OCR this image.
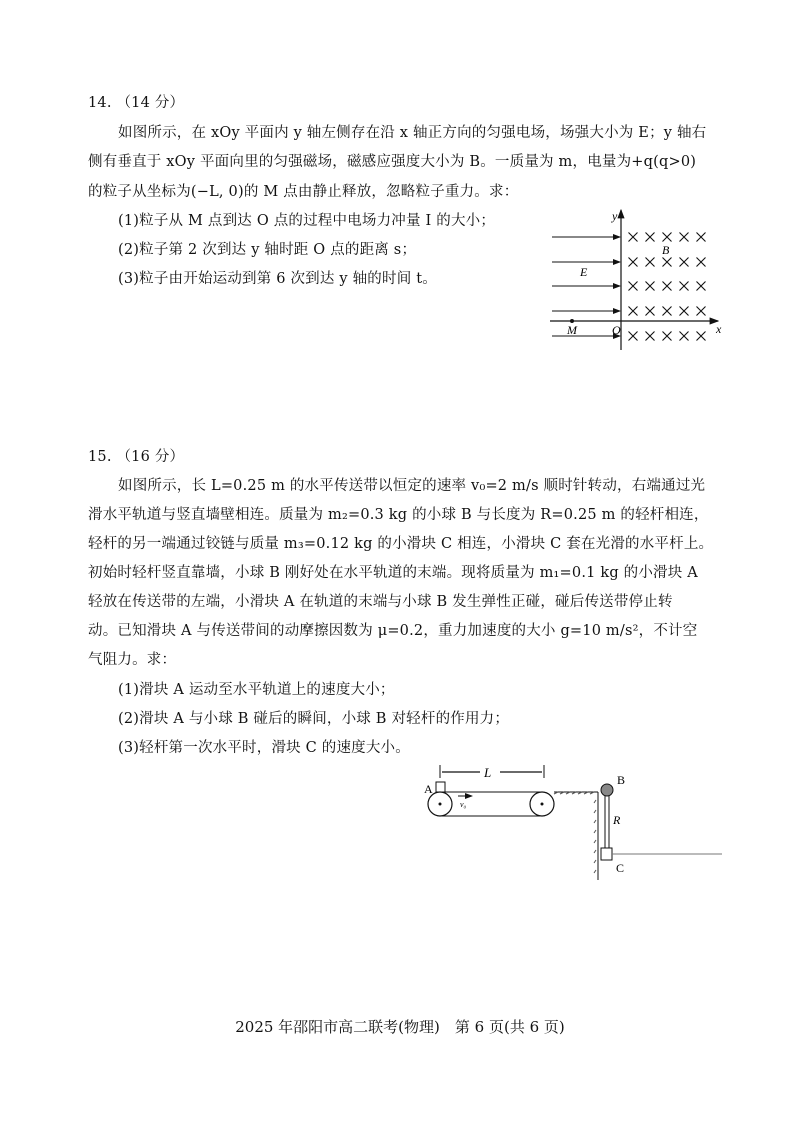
14. （14 分）
如图所示，在 xOy 平面内 y 轴左侧存在沿 x 轴正方向的匀强电场，场强大小为 E；y 轴右
侧有垂直于 xOy 平面向里的匀强磁场，磁感应强度大小为 B。一质量为 m，电量为+q(q>0)
的粒子从坐标为(−L, 0)的 M 点由静止释放，忽略粒子重力。求：
(1)粒子从 M 点到达 O 点的过程中电场力冲量 I 的大小；
(2)粒子第 2 次到达 y 轴时距 O 点的距离 s；
(3)粒子由开始运动到第 6 次到达 y 轴的时间 t。
y
x
E
B
M	O
15. （16 分）
如图所示，长 L=0.25 m 的水平传送带以恒定的速率 v₀=2 m/s 顺时针转动，右端通过光
滑水平轨道与竖直墙壁相连。质量为 m₂=0.3 kg 的小球 B 与长度为 R=0.25 m 的轻杆相连，
轻杆的另一端通过铰链与质量 m₃=0.12 kg 的小滑块 C 相连，小滑块 C 套在光滑的水平杆上。
初始时轻杆竖直靠墙，小球 B 刚好处在水平轨道的末端。现将质量为 m₁=0.1 kg 的小滑块 A
轻放在传送带的左端，小滑块 A 在轨道的末端与小球 B 发生弹性正碰，碰后传送带停止转
动。已知滑块 A 与传送带间的动摩擦因数为 μ=0.2，重力加速度的大小 g=10 m/s²，不计空
气阻力。求：
(1)滑块 A 运动至水平轨道上的速度大小；
(2)滑块 A 与小球 B 碰后的瞬间，小球 B 对轻杆的作用力；
(3)轻杆第一次水平时，滑块 C 的速度大小。
L
A
v₀
B
R
C
2025 年邵阳市高二联考(物理)　第 6 页(共 6 页)
